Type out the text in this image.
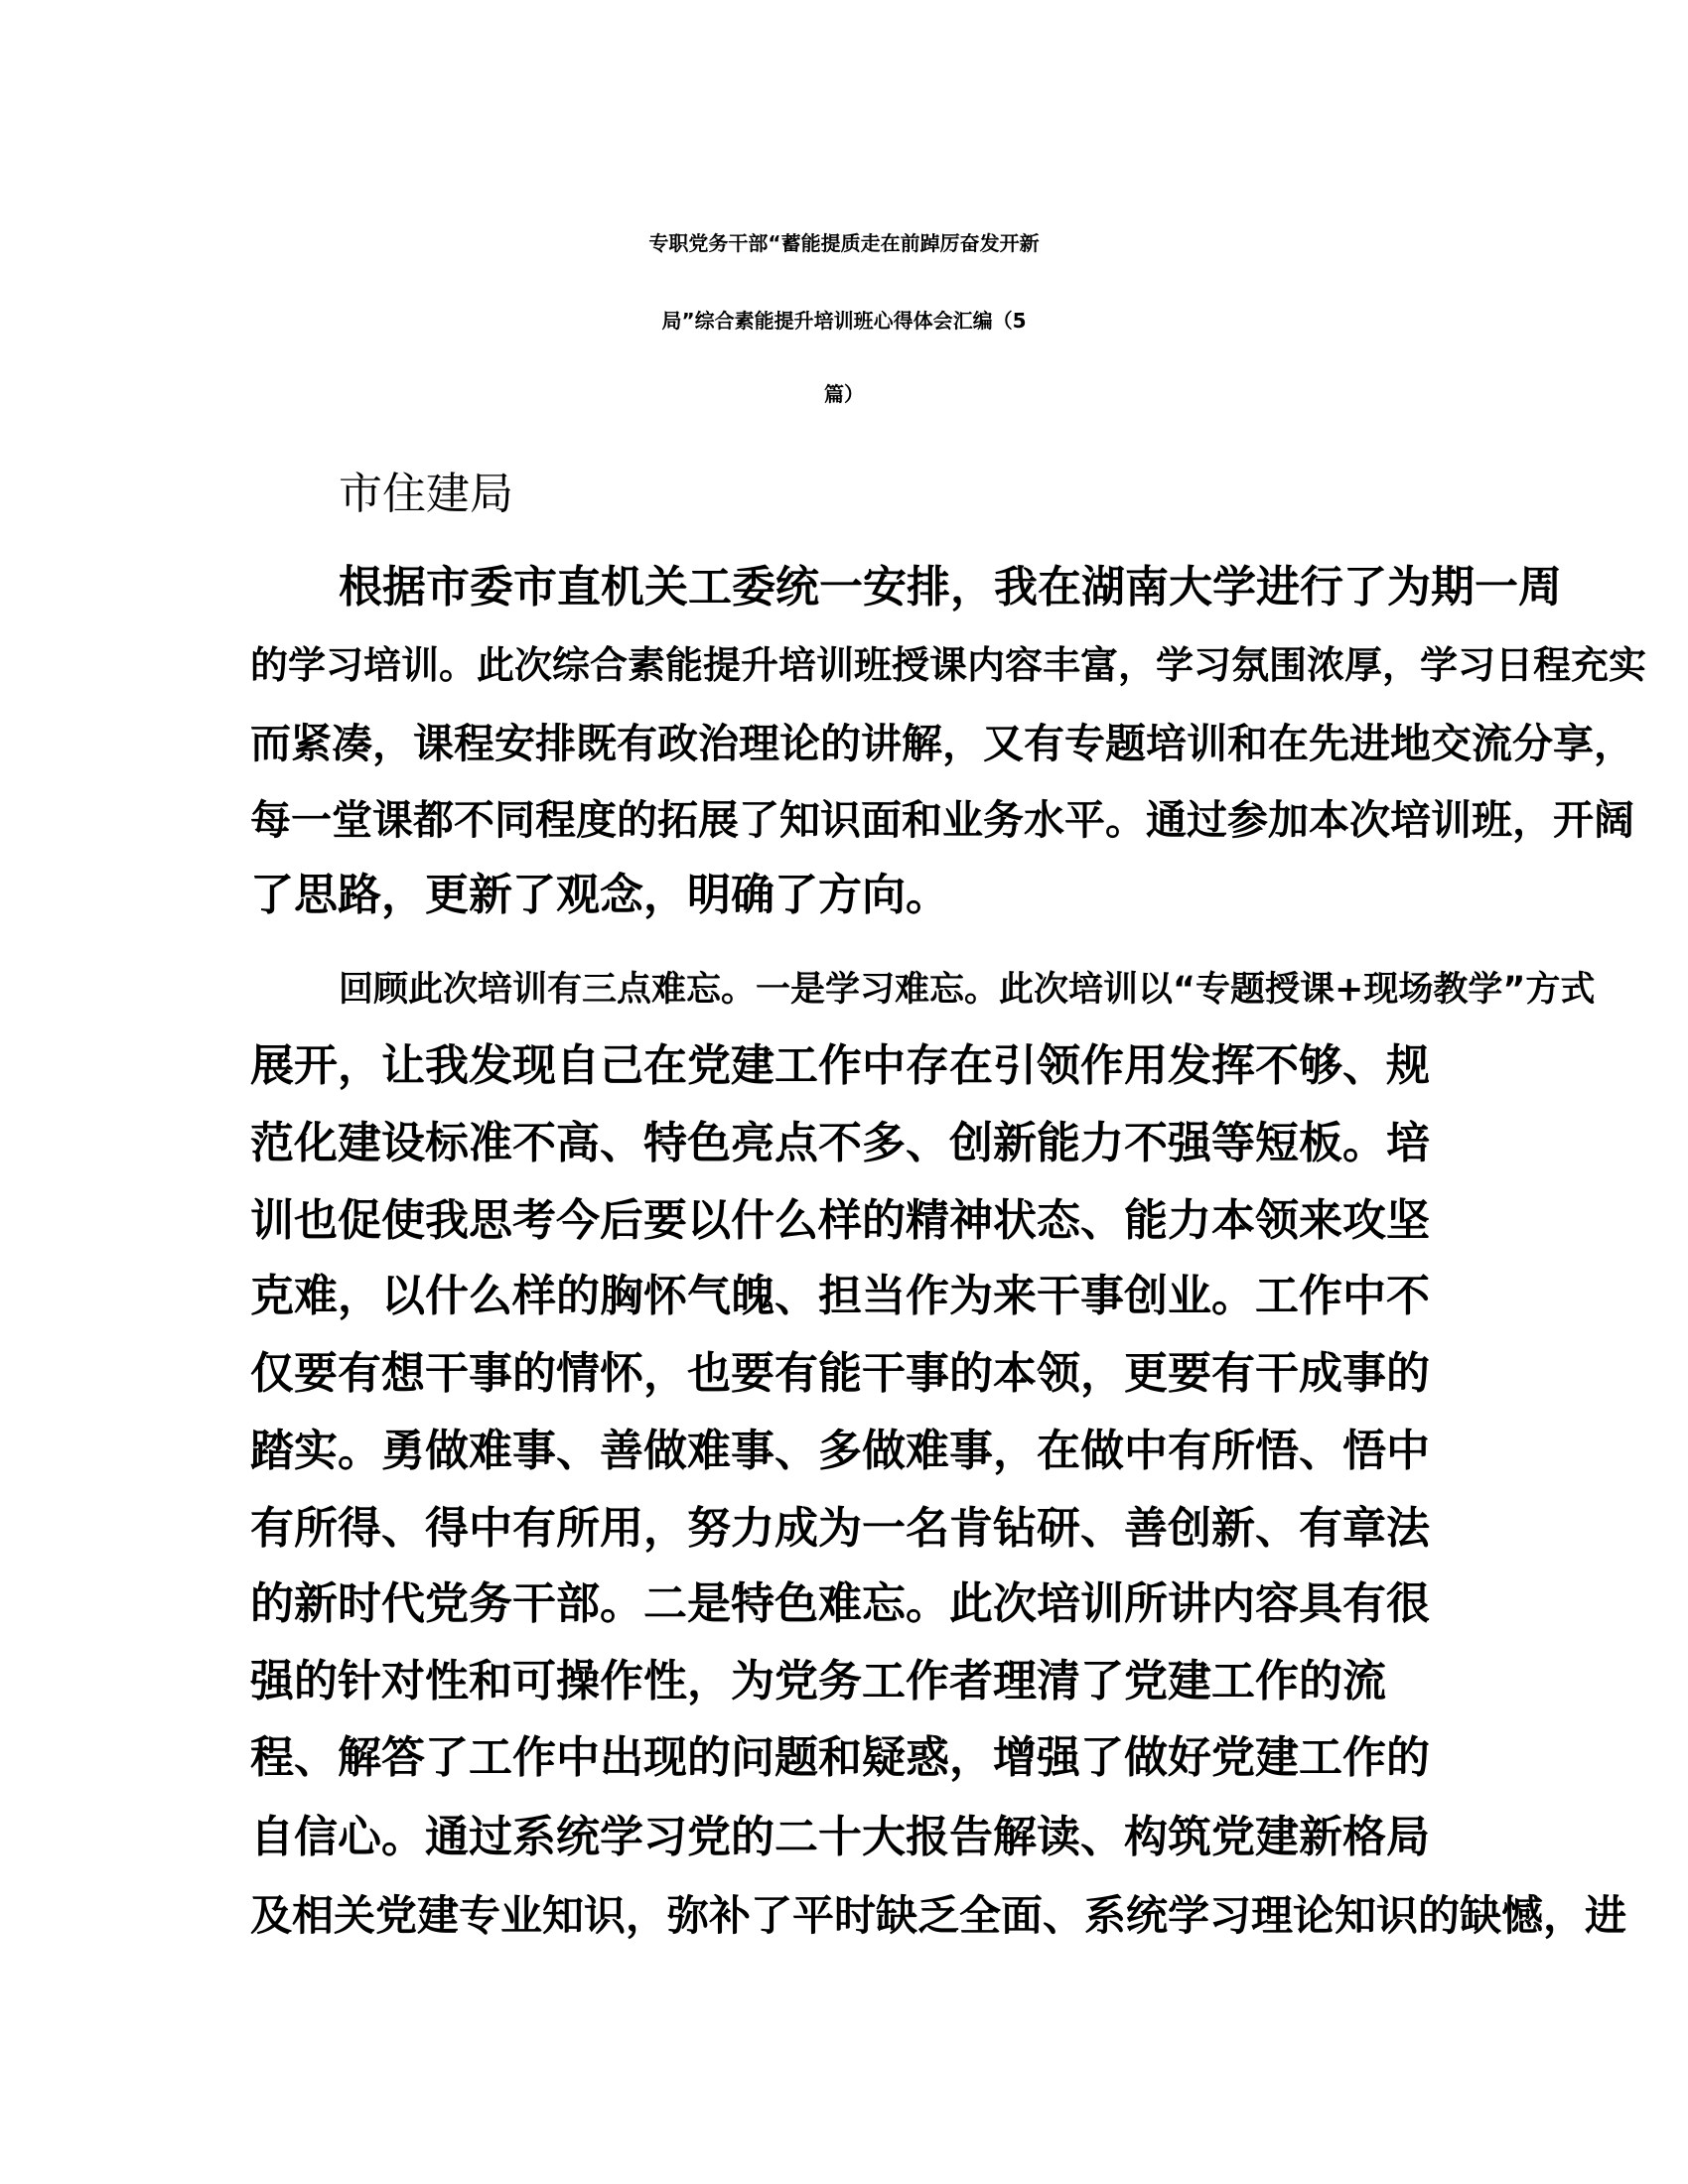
专职党务干部“蓄能提质走在前踔厉奋发开新
局”综合素能提升培训班心得体会汇编（5
篇）
市住建局
根据市委市直机关工委统一安排，我在湖南大学进行了为期一周
的学习培训。此次综合素能提升培训班授课内容丰富，学习氛围浓厚，学习日程充实
而紧凑，课程安排既有政治理论的讲解，又有专题培训和在先进地交流分享，
每一堂课都不同程度的拓展了知识面和业务水平。通过参加本次培训班，开阔
了思路，更新了观念，明确了方向。
回顾此次培训有三点难忘。一是学习难忘。此次培训以“专题授课+现场教学”方式
展开，让我发现自己在党建工作中存在引领作用发挥不够、规
范化建设标准不高、特色亮点不多、创新能力不强等短板。培
训也促使我思考今后要以什么样的精神状态、能力本领来攻坚
克难，以什么样的胸怀气魄、担当作为来干事创业。工作中不
仅要有想干事的情怀，也要有能干事的本领，更要有干成事的
踏实。勇做难事、善做难事、多做难事，在做中有所悟、悟中
有所得、得中有所用，努力成为一名肯钻研、善创新、有章法
的新时代党务干部。二是特色难忘。此次培训所讲内容具有很
强的针对性和可操作性，为党务工作者理清了党建工作的流
程、解答了工作中出现的问题和疑惑，增强了做好党建工作的
自信心。通过系统学习党的二十大报告解读、构筑党建新格局
及相关党建专业知识，弥补了平时缺乏全面、系统学习理论知识的缺憾，进
